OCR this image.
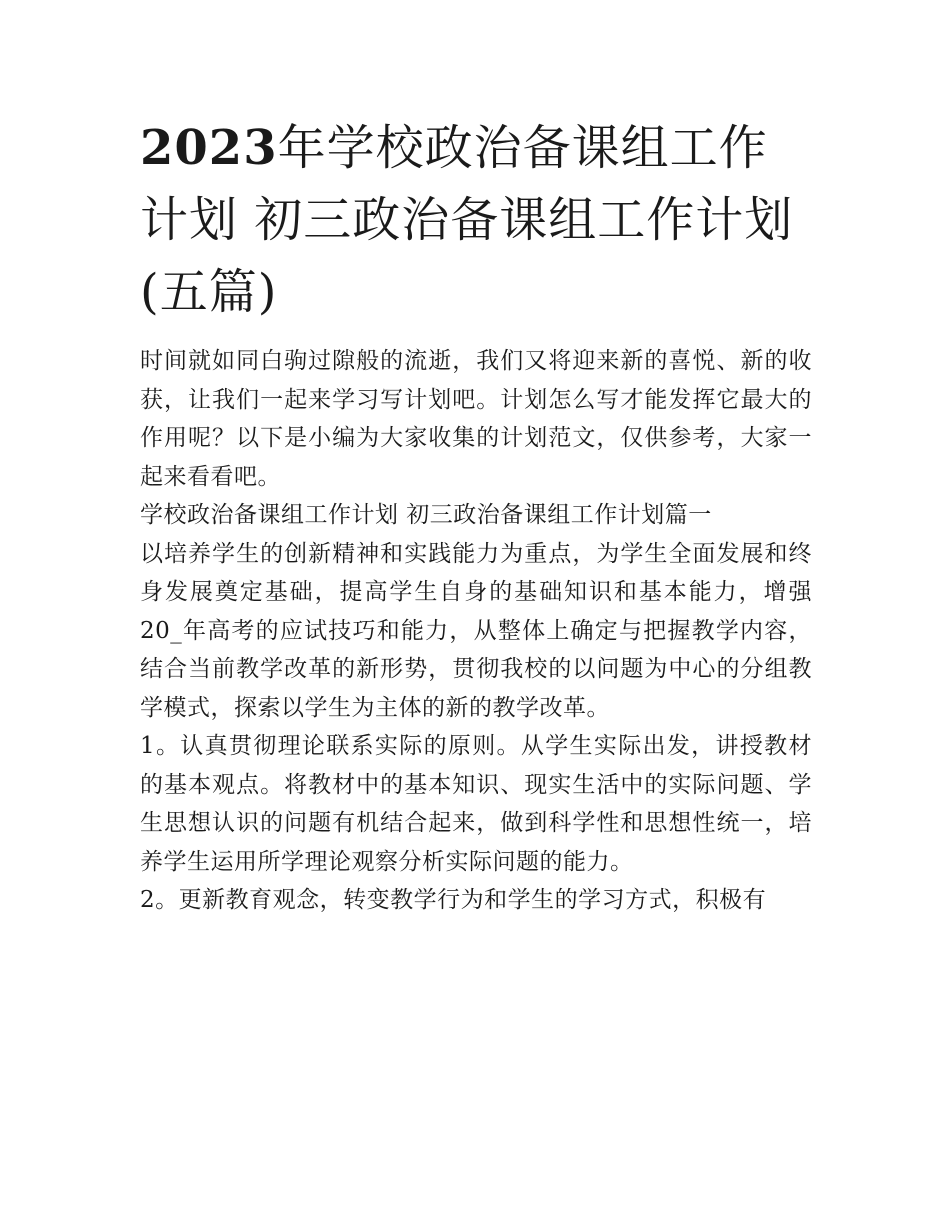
2023年学校政治备课组工作计划 初三政治备课组工作计划(五篇)

时间就如同白驹过隙般的流逝，我们又将迎来新的喜悦、新的收获，让我们一起来学习写计划吧。计划怎么写才能发挥它最大的作用呢？以下是小编为大家收集的计划范文，仅供参考，大家一起来看看吧。

学校政治备课组工作计划 初三政治备课组工作计划篇一

以培养学生的创新精神和实践能力为重点，为学生全面发展和终身发展奠定基础，提高学生自身的基础知识和基本能力，增强20_年高考的应试技巧和能力，从整体上确定与把握教学内容，结合当前教学改革的新形势，贯彻我校的以问题为中心的分组教学模式，探索以学生为主体的新的教学改革。

1。认真贯彻理论联系实际的原则。从学生实际出发，讲授教材的基本观点。将教材中的基本知识、现实生活中的实际问题、学生思想认识的问题有机结合起来，做到科学性和思想性统一，培养学生运用所学理论观察分析实际问题的能力。

2。更新教育观念，转变教学行为和学生的学习方式，积极有
